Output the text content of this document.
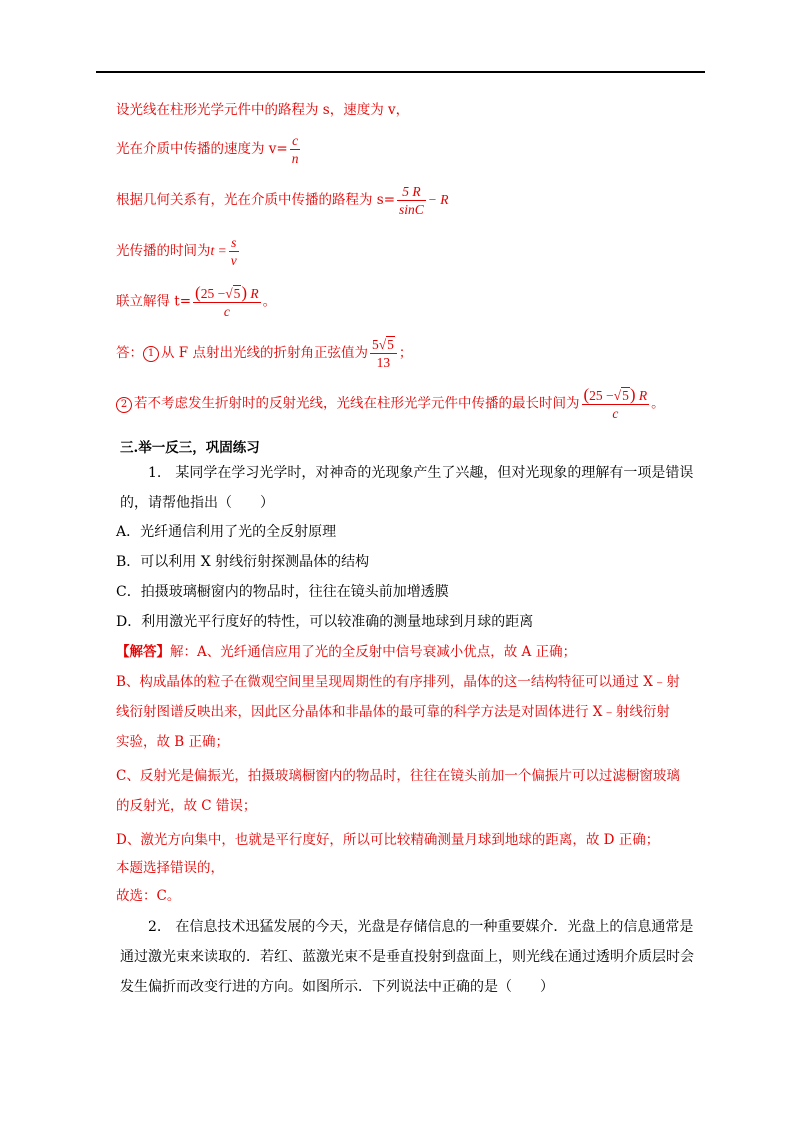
设光线在柱形光学元件中的路程为 s，速度为 v，
光在介质中传播的速度为 $v= \frac{c}{n}$
根据几何关系有，光在介质中传播的路程为 $s= \frac{5 R}{\sin C} - R$
光传播的时间为$t = \frac{s}{v}$
联立解得 $t= \frac{(25 -√5) R}{c}$ 。
答： 1 从 F 点射出光线的折射角正弦值为 $\frac{5√5}{13}$ ；
2 若不考虑发生折射时的反射光线，光线在柱形光学元件中传播的最长时间为 $\frac{(25 -√5) R}{c}$ 。
三.举一反三，巩固练习
1.　某同学在学习光学时，对神奇的光现象产生了兴趣，但对光现象的理解有一项是错误
的，请帮他指出（　　）
A．光纤通信利用了光的全反射原理
B．可以利用 X 射线衍射探测晶体的结构
C．拍摄玻璃橱窗内的物品时，往往在镜头前加增透膜
D．利用激光平行度好的特性，可以较准确的测量地球到月球的距离
【解答】解：A、光纤通信应用了光的全反射中信号衰减小优点，故 A 正确；
B、构成晶体的粒子在微观空间里呈现周期性的有序排列，晶体的这一结构特征可以通过 X﹣射
线衍射图谱反映出来，因此区分晶体和非晶体的最可靠的科学方法是对固体进行 X﹣射线衍射
实验，故 B 正确；
C、反射光是偏振光，拍摄玻璃橱窗内的物品时，往往在镜头前加一个偏振片可以过滤橱窗玻璃
的反射光，故 C 错误；
D、激光方向集中，也就是平行度好，所以可比较精确测量月球到地球的距离，故 D 正确；
本题选择错误的，
故选：C。
2.　在信息技术迅猛发展的今天，光盘是存储信息的一种重要媒介．光盘上的信息通常是
通过激光束来读取的．若红、蓝激光束不是垂直投射到盘面上，则光线在通过透明介质层时会
发生偏折而改变行进的方向。如图所示．下列说法中正确的是（　　）
